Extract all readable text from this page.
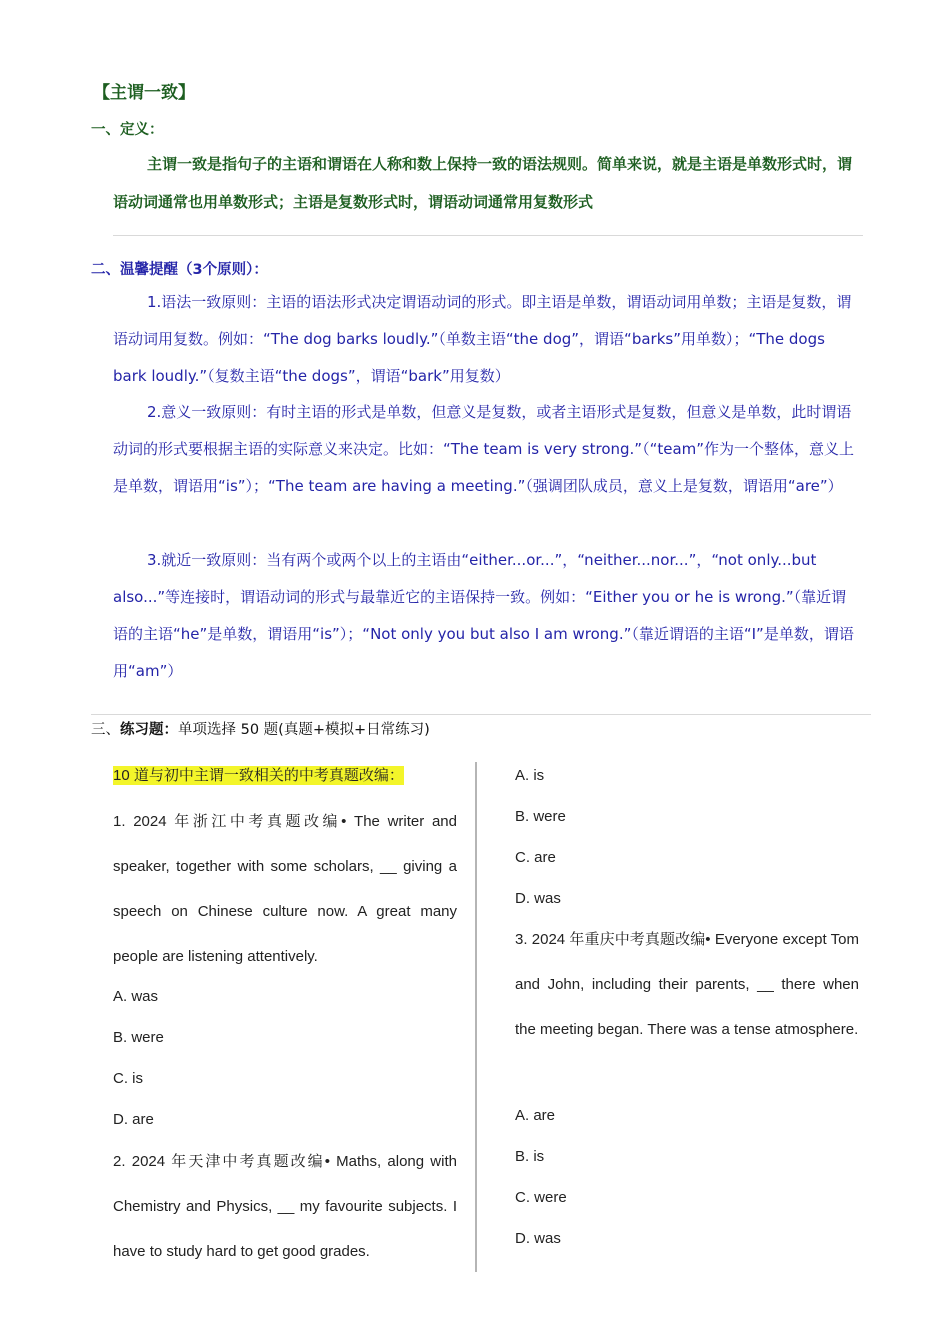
【主谓一致】
一、定义：

主谓一致是指句子的主语和谓语在人称和数上保持一致的语法规则。简单来说，就是主语是单数形式时，谓语动词通常也用单数形式；主语是复数形式时，谓语动词通常用复数形式

二、温馨提醒（3个原则）：

1.语法一致原则：主语的语法形式决定谓语动词的形式。即主语是单数，谓语动词用单数；主语是复数，谓语动词用复数。例如：“The dog barks loudly.”（单数主语“the dog”，谓语“barks”用单数）；“The dogs bark loudly.”（复数主语“the dogs”，谓语“bark”用复数）

2.意义一致原则：有时主语的形式是单数，但意义是复数，或者主语形式是复数，但意义是单数，此时谓语动词的形式要根据主语的实际意义来决定。比如：“The team is very strong.”（“team”作为一个整体，意义上是单数，谓语用“is”）；“The team are having a meeting.”（强调团队成员，意义上是复数，谓语用“are”）

3.就近一致原则：当有两个或两个以上的主语由“either...or...”，“neither...nor...”，“not only...but also...”等连接时，谓语动词的形式与最靠近它的主语保持一致。例如：“Either you or he is wrong.”（靠近谓语的主语“he”是单数，谓语用“is”）；“Not only you but also I am wrong.”（靠近谓语的主语“I”是单数，谓语用“am”）

三、练习题：单项选择 50 题(真题+模拟+日常练习)
10 道与初中主谓一致相关的中考真题改编：

1. 2024 年浙江中考真题改编• The writer and speaker, together with some scholars, __ giving a speech on Chinese culture now. A great many people are listening attentively.

A. was
B. were
C. is
D. are

2. 2024 年天津中考真题改编• Maths, along with Chemistry and Physics, __ my favourite subjects. I have to study hard to get good grades.

A. is
B. were
C. are
D. was

3. 2024 年重庆中考真题改编• Everyone except Tom and John, including their parents, __ there when the meeting began. There was a tense atmosphere.

A. are
B. is
C. were
D. was
